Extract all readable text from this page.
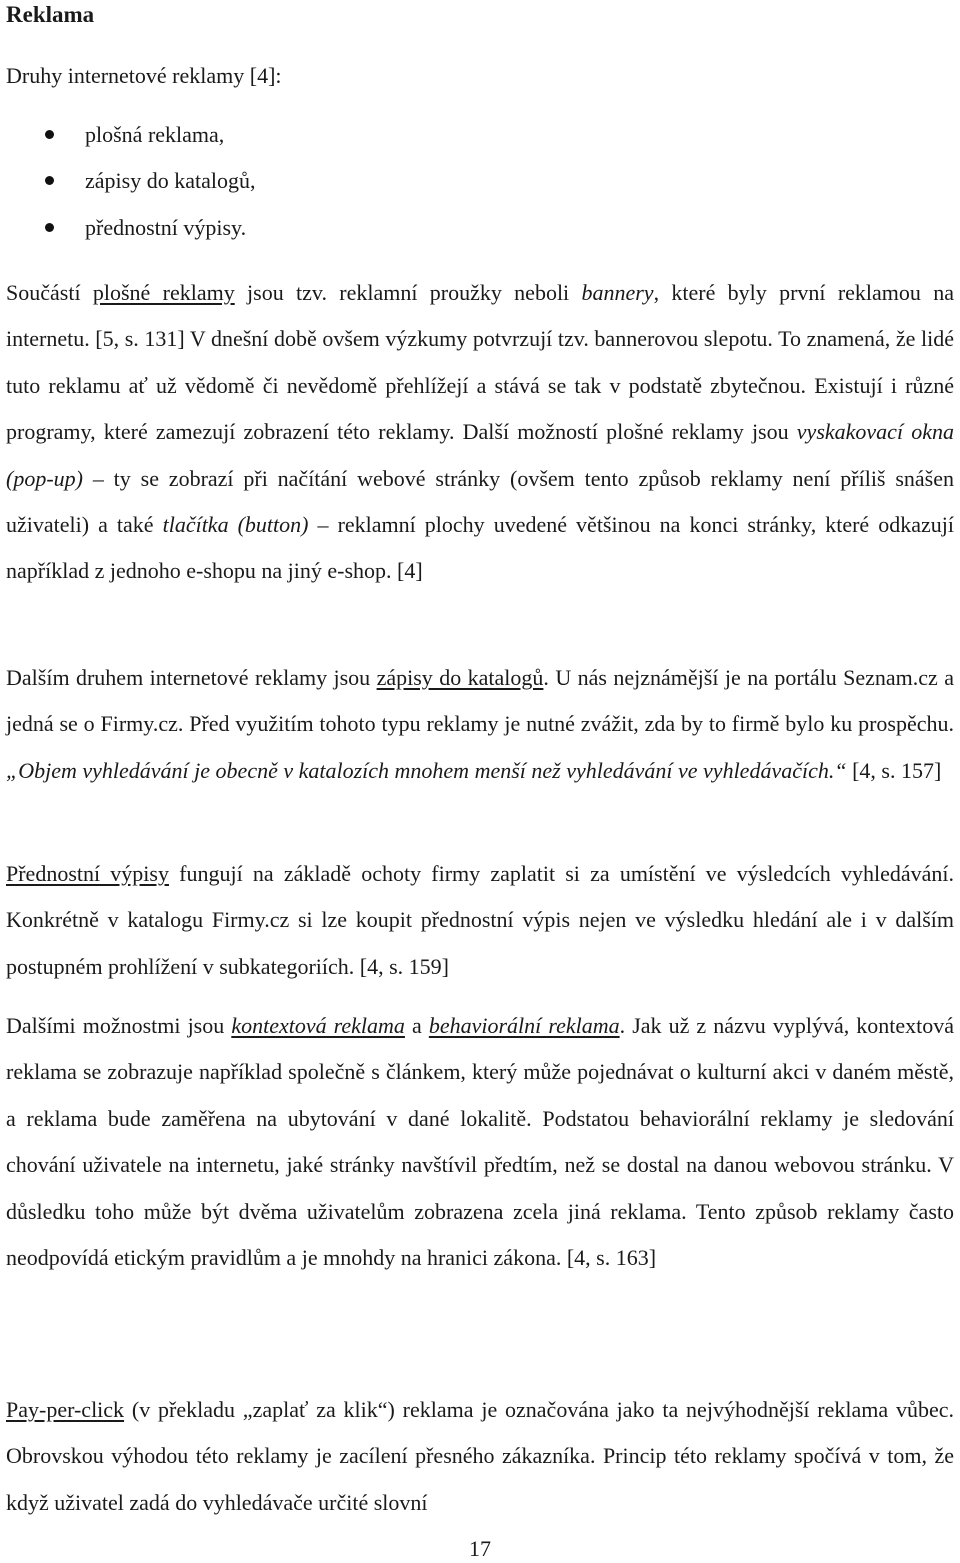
Reklama

Druhy internetové reklamy [4]:

plošná reklama,
zápisy do katalogů,
přednostní výpisy.

Součástí plošné reklamy jsou tzv. reklamní proužky neboli bannery, které byly první reklamou na internetu. [5, s. 131] V dnešní době ovšem výzkumy potvrzují tzv. bannerovou slepotu. To znamená, že lidé tuto reklamu ať už vědomě či nevědomě přehlížejí a stává se tak v podstatě zbytečnou. Existují i různé programy, které zamezují zobrazení této reklamy. Další možností plošné reklamy jsou vyskakovací okna (pop-up) – ty se zobrazí při načítání webové stránky (ovšem tento způsob reklamy není příliš snášen uživateli) a také tlačítka (button) – reklamní plochy uvedené většinou na konci stránky, které odkazují například z jednoho e-shopu na jiný e-shop. [4]

Dalším druhem internetové reklamy jsou zápisy do katalogů. U nás nejznámější je na portálu Seznam.cz a jedná se o Firmy.cz. Před využitím tohoto typu reklamy je nutné zvážit, zda by to firmě bylo ku prospěchu. „Objem vyhledávání je obecně v katalozích mnohem menší než vyhledávání ve vyhledávačích.“ [4, s. 157]

Přednostní výpisy fungují na základě ochoty firmy zaplatit si za umístění ve výsledcích vyhledávání. Konkrétně v katalogu Firmy.cz si lze koupit přednostní výpis nejen ve výsledku hledání ale i v dalším postupném prohlížení v subkategoriích. [4, s. 159]

Dalšími možnostmi jsou kontextová reklama a behaviorální reklama. Jak už z názvu vyplývá, kontextová reklama se zobrazuje například společně s článkem, který může pojednávat o kulturní akci v daném městě, a reklama bude zaměřena na ubytování v dané lokalitě. Podstatou behaviorální reklamy je sledování chování uživatele na internetu, jaké stránky navštívil předtím, než se dostal na danou webovou stránku. V důsledku toho může být dvěma uživatelům zobrazena zcela jiná reklama. Tento způsob reklamy často neodpovídá etickým pravidlům a je mnohdy na hranici zákona. [4, s. 163]

Pay-per-click (v překladu „zaplať za klik“) reklama je označována jako ta nejvýhodnější reklama vůbec. Obrovskou výhodou této reklamy je zacílení přesného zákazníka. Princip této reklamy spočívá v tom, že když uživatel zadá do vyhledávače určité slovní

17
